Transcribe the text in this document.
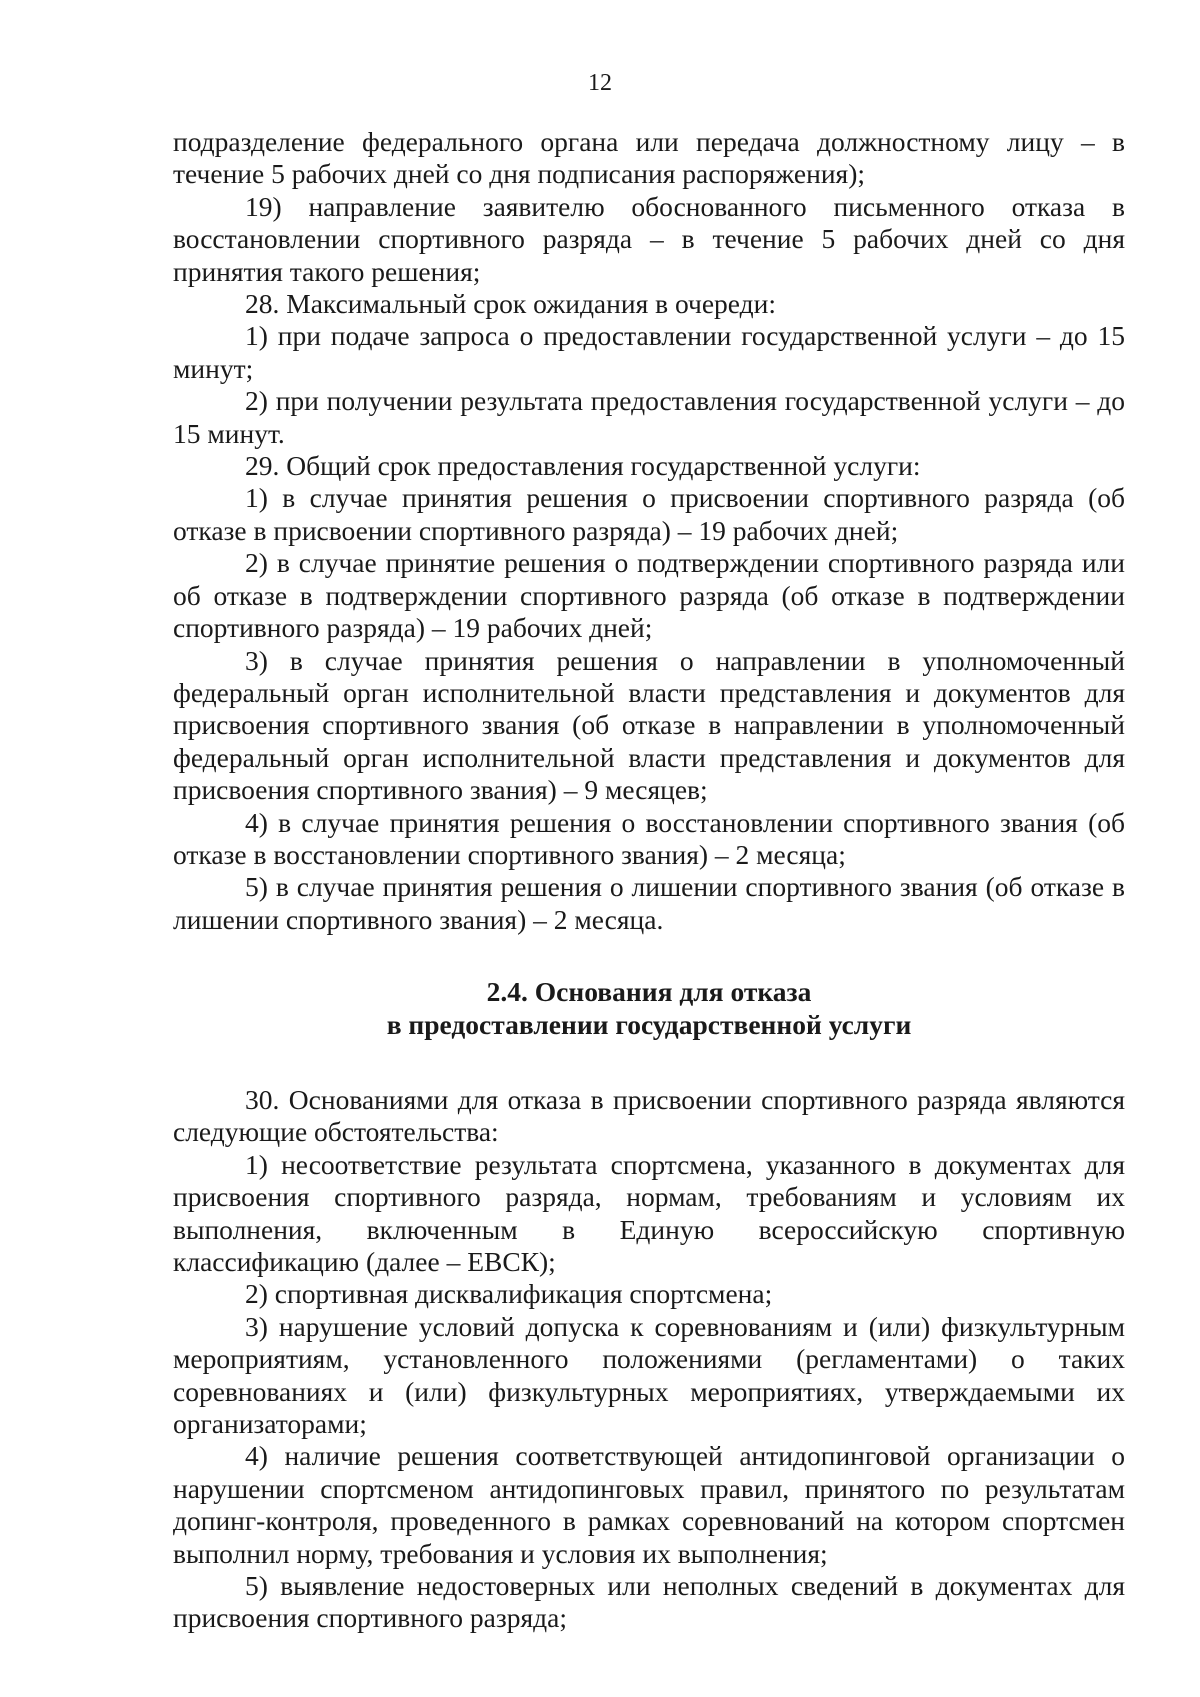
12

подразделение федерального органа или передача должностному лицу – в течение 5 рабочих дней со дня подписания распоряжения);

19) направление заявителю обоснованного письменного отказа в восстановлении спортивного разряда – в течение 5 рабочих дней со дня принятия такого решения;

28. Максимальный срок ожидания в очереди:

1) при подаче запроса о предоставлении государственной услуги – до 15 минут;

2) при получении результата предоставления государственной услуги – до 15 минут.

29. Общий срок предоставления государственной услуги:

1) в случае принятия решения о присвоении спортивного разряда (об отказе в присвоении спортивного разряда) – 19 рабочих дней;

2) в случае принятие решения о подтверждении спортивного разряда или об отказе в подтверждении спортивного разряда (об отказе в подтверждении спортивного разряда) – 19 рабочих дней;

3) в случае принятия решения о направлении в уполномоченный федеральный орган исполнительной власти представления и документов для присвоения спортивного звания (об отказе в направлении в уполномоченный федеральный орган исполнительной власти представления и документов для присвоения спортивного звания) – 9 месяцев;

4) в случае принятия решения о восстановлении спортивного звания (об отказе в восстановлении спортивного звания) – 2 месяца;

5) в случае принятия решения о лишении спортивного звания (об отказе в лишении спортивного звания) – 2 месяца.

2.4. Основания для отказа
в предоставлении государственной услуги

30. Основаниями для отказа в присвоении спортивного разряда являются следующие обстоятельства:

1) несоответствие результата спортсмена, указанного в документах для присвоения спортивного разряда, нормам, требованиям и условиям их выполнения, включенным в Единую всероссийскую спортивную классификацию (далее – ЕВСК);

2) спортивная дисквалификация спортсмена;

3) нарушение условий допуска к соревнованиям и (или) физкультурным мероприятиям, установленного положениями (регламентами) о таких соревнованиях и (или) физкультурных мероприятиях, утверждаемыми их организаторами;

4) наличие решения соответствующей антидопинговой организации о нарушении спортсменом антидопинговых правил, принятого по результатам допинг-контроля, проведенного в рамках соревнований на котором спортсмен выполнил норму, требования и условия их выполнения;

5) выявление недостоверных или неполных сведений в документах для присвоения спортивного разряда;
